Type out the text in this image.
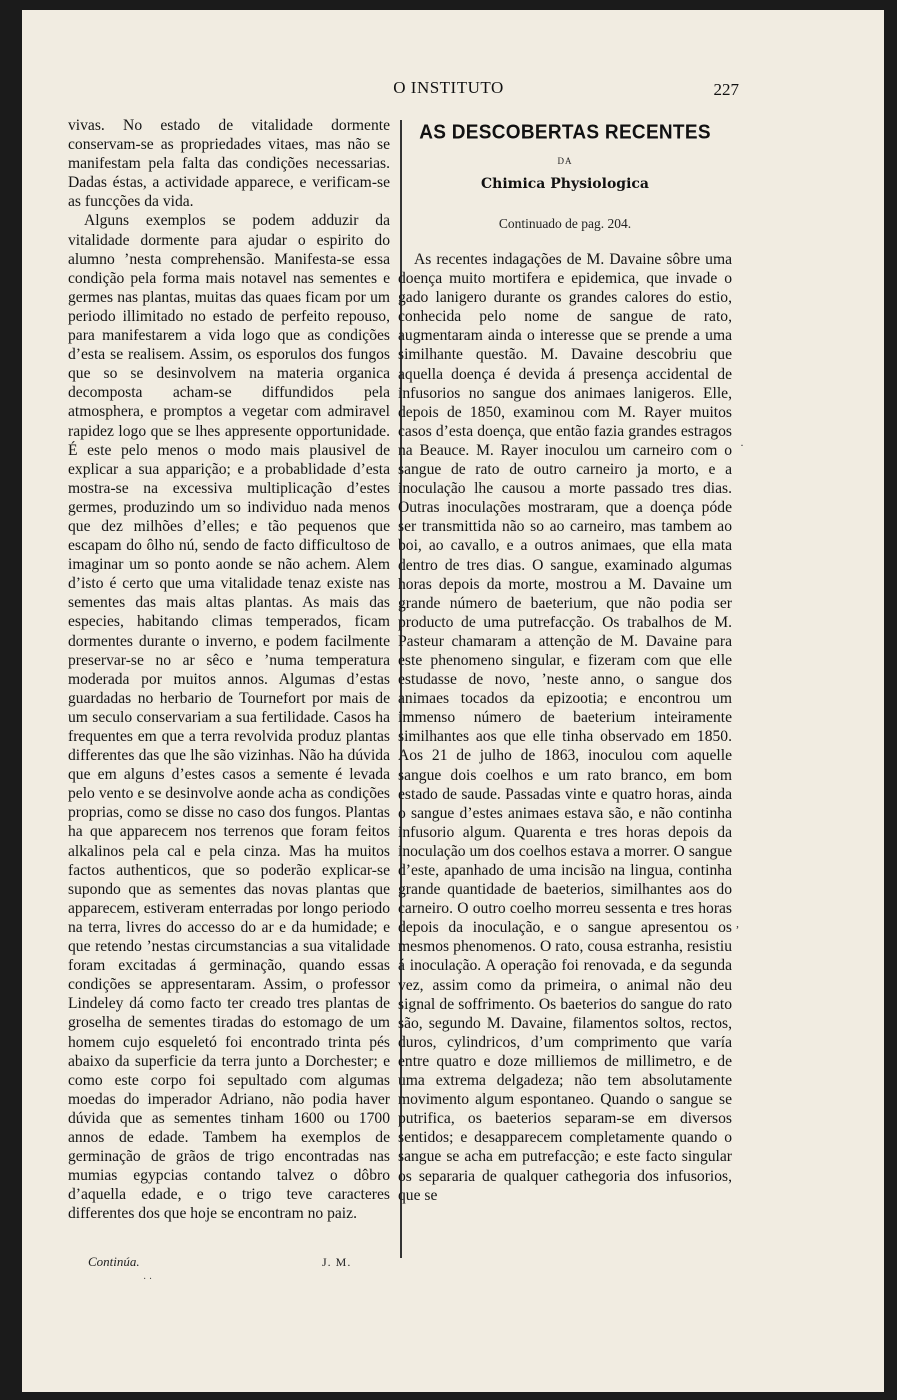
O INSTITUTO	227

vivas. No estado de vitalidade dormente conservam-se as propriedades vitaes, mas não se manifestam pela falta das condições necessarias. Dadas éstas, a actividade apparece, e verificam-se as funcções da vida.

Alguns exemplos se podem adduzir da vitalidade dormente para ajudar o espirito do alumno ’nesta comprehensão. Manifesta-se essa condição pela forma mais notavel nas sementes e germes nas plantas, muitas das quaes ficam por um periodo illimitado no estado de perfeito repouso, para manifestarem a vida logo que as condições d’esta se realisem. Assim, os esporulos dos fungos que so se desinvolvem na materia organica decomposta acham-se diffundidos pela atmosphera, e promptos a vegetar com admiravel rapidez logo que se lhes appresente opportunidade. É este pelo menos o modo mais plausivel de explicar a sua apparição; e a probablidade d’esta mostra-se na excessiva multiplicação d’estes germes, produzindo um so individuo nada menos que dez milhões d’elles; e tão pequenos que escapam do ôlho nú, sendo de facto difficultoso de imaginar um so ponto aonde se não achem. Alem d’isto é certo que uma vitalidade tenaz existe nas sementes das mais altas plantas. As mais das especies, habitando climas temperados, ficam dormentes durante o inverno, e podem facilmente preservar-se no ar sêco e ’numa temperatura moderada por muitos annos. Algumas d’estas guardadas no herbario de Tournefort por mais de um seculo conservariam a sua fertilidade. Casos ha frequentes em que a terra revolvida produz plantas differentes das que lhe são vizinhas. Não ha dúvida que em alguns d’estes casos a semente é levada pelo vento e se desinvolve aonde acha as condições proprias, como se disse no caso dos fungos. Plantas ha que apparecem nos terrenos que foram feitos alkalinos pela cal e pela cinza. Mas ha muitos factos authenticos, que so poderão explicar-se supondo que as sementes das novas plantas que apparecem, estiveram enterradas por longo periodo na terra, livres do accesso do ar e da humidade; e que retendo ’nestas circumstancias a sua vitalidade foram excitadas á germinação, quando essas condições se appresentaram. Assim, o professor Lindeley dá como facto ter creado tres plantas de groselha de sementes tiradas do estomago de um homem cujo esqueletó foi encontrado trinta pés abaixo da superficie da terra junto a Dorchester; e como este corpo foi sepultado com algumas moedas do imperador Adriano, não podia haver dúvida que as sementes tinham 1600 ou 1700 annos de edade. Tambem ha exemplos de germinação de grãos de trigo encontradas nas mumias egypcias contando talvez o dôbro d’aquella edade, e o trigo teve caracteres differentes dos que hoje se encontram no paiz.

AS DESCOBERTAS RECENTES
DA
Chimica Physiologica
Continuado de pag. 204.

As recentes indagações de M. Davaine sôbre uma doença muito mortifera e epidemica, que invade o gado lanigero durante os grandes calores do estio, conhecida pelo nome de sangue de rato, augmentaram ainda o interesse que se prende a uma similhante questão. M. Davaine descobriu que aquella doença é devida á presença accidental de infusorios no sangue dos animaes lanigeros. Elle, depois de 1850, examinou com M. Rayer muitos casos d’esta doença, que então fazia grandes estragos na Beauce. M. Rayer inoculou um carneiro com o sangue de rato de outro carneiro ja morto, e a inoculação lhe causou a morte passado tres dias. Outras inoculações mostraram, que a doença póde ser transmittida não so ao carneiro, mas tambem ao boi, ao cavallo, e a outros animaes, que ella mata dentro de tres dias. O sangue, examinado algumas horas depois da morte, mostrou a M. Davaine um grande número de baeterium, que não podia ser producto de uma putrefacção. Os trabalhos de M. Pasteur chamaram a attenção de M. Davaine para este phenomeno singular, e fizeram com que elle estudasse de novo, ’neste anno, o sangue dos animaes tocados da epizootia; e encontrou um immenso número de baeterium inteiramente similhantes aos que elle tinha observado em 1850. Aos 21 de julho de 1863, inoculou com aquelle sangue dois coelhos e um rato branco, em bom estado de saude. Passadas vinte e quatro horas, ainda o sangue d’estes animaes estava são, e não continha infusorio algum. Quarenta e tres horas depois da inoculação um dos coelhos estava a morrer. O sangue d’este, apanhado de uma incisão na lingua, continha grande quantidade de baeterios, similhantes aos do carneiro. O outro coelho morreu sessenta e tres horas depois da inoculação, e o sangue apresentou os mesmos phenomenos. O rato, cousa estranha, resistiu á inoculação. A operação foi renovada, e da segunda vez, assim como da primeira, o animal não deu signal de soffrimento. Os baeterios do sangue do rato são, segundo M. Davaine, filamentos soltos, rectos, duros, cylindricos, d’um comprimento que varía entre quatro e doze milliemos de millimetro, e de uma extrema delgadeza; não tem absolutamente movimento algum espontaneo. Quando o sangue se putrifica, os baeterios separam-se em diversos sentidos; e desapparecem completamente quando o sangue se acha em putrefacção; e este facto singular os separaria de qualquer cathegoria dos infusorios, que se

Continúa.	J. M.
· ·
·
,
